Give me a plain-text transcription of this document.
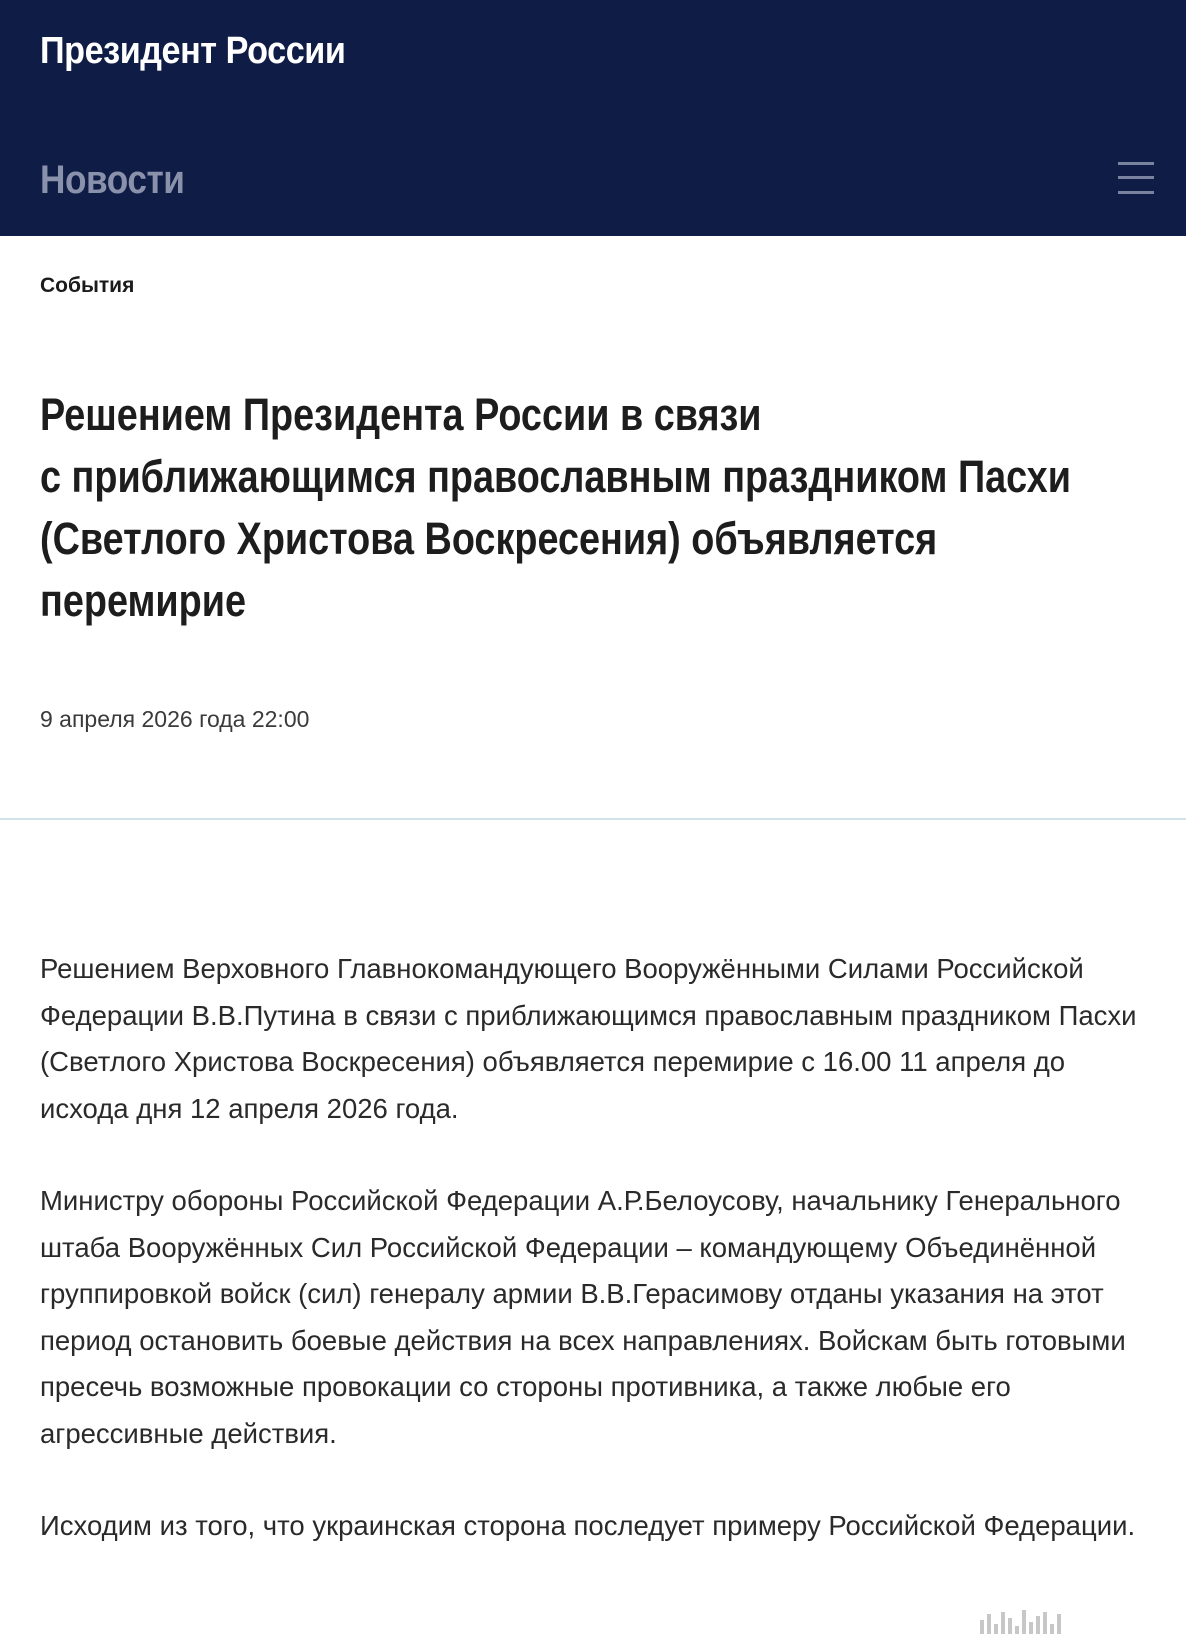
Президент России
Новости
События
Решением Президента России в связи
с приближающимся православным праздником Пасхи
(Светлого Христова Воскресения) объявляется
перемирие
9 апреля 2026 года 22:00

Решением Верховного Главнокомандующего Вооружёнными Силами Российской Федерации В.В.Путина в связи с приближающимся православным праздником Пасхи (Светлого Христова Воскресения) объявляется перемирие с 16.00 11 апреля до исхода дня 12 апреля 2026 года.

Министру обороны Российской Федерации А.Р.Белоусову, начальнику Генерального штаба Вооружённых Сил Российской Федерации – командующему Объединённой группировкой войск (сил) генералу армии В.В.Герасимову отданы указания на этот период остановить боевые действия на всех направлениях. Войскам быть готовыми пресечь возможные провокации со стороны противника, а также любые его агрессивные действия.

Исходим из того, что украинская сторона последует примеру Российской Федерации.
